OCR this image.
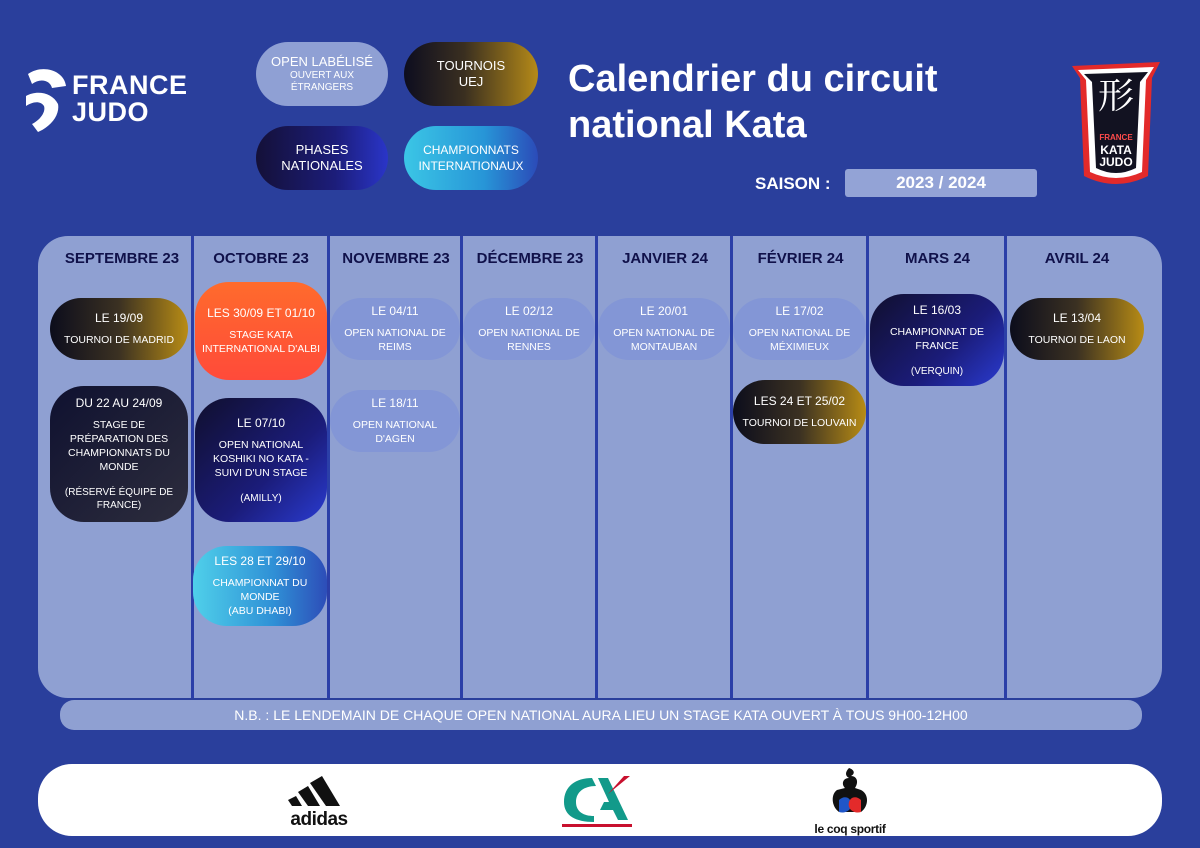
FRANCE
JUDO
OPEN LABÉLISÉ
OUVERT AUX ÉTRANGERS
TOURNOIS UEJ
PHASES NATIONALES
CHAMPIONNATS INTERNATIONAUX
Calendrier du circuit national Kata
SAISON :	2023 / 2024
形
FRANCE
KATA
JUDO
SEPTEMBRE 23	OCTOBRE 23	NOVEMBRE 23	DÉCEMBRE 23	JANVIER 24	FÉVRIER 24	MARS 24	AVRIL 24
LE 19/09
TOURNOI DE MADRID
DU 22 AU 24/09
STAGE DE PRÉPARATION DES CHAMPIONNATS DU MONDE
(RÉSERVÉ ÉQUIPE DE FRANCE)
LES 30/09 ET 01/10
STAGE KATA INTERNATIONAL D'ALBI
LE 07/10
OPEN NATIONAL KOSHIKI NO KATA - SUIVI D'UN STAGE
(AMILLY)
LES 28 ET 29/10
CHAMPIONNAT DU MONDE
(ABU DHABI)
LE 04/11
OPEN NATIONAL DE REIMS
LE 18/11
OPEN NATIONAL D'AGEN
LE 02/12
OPEN NATIONAL DE RENNES
LE 20/01
OPEN NATIONAL DE MONTAUBAN
LE 17/02
OPEN NATIONAL DE MÉXIMIEUX
LES 24 ET 25/02
TOURNOI DE LOUVAIN
LE 16/03
CHAMPIONNAT DE FRANCE
(VERQUIN)
LE 13/04
TOURNOI DE LAON
N.B. : LE LENDEMAIN DE CHAQUE OPEN NATIONAL AURA LIEU UN STAGE KATA OUVERT À TOUS 9H00-12H00
adidas	le coq sportif
